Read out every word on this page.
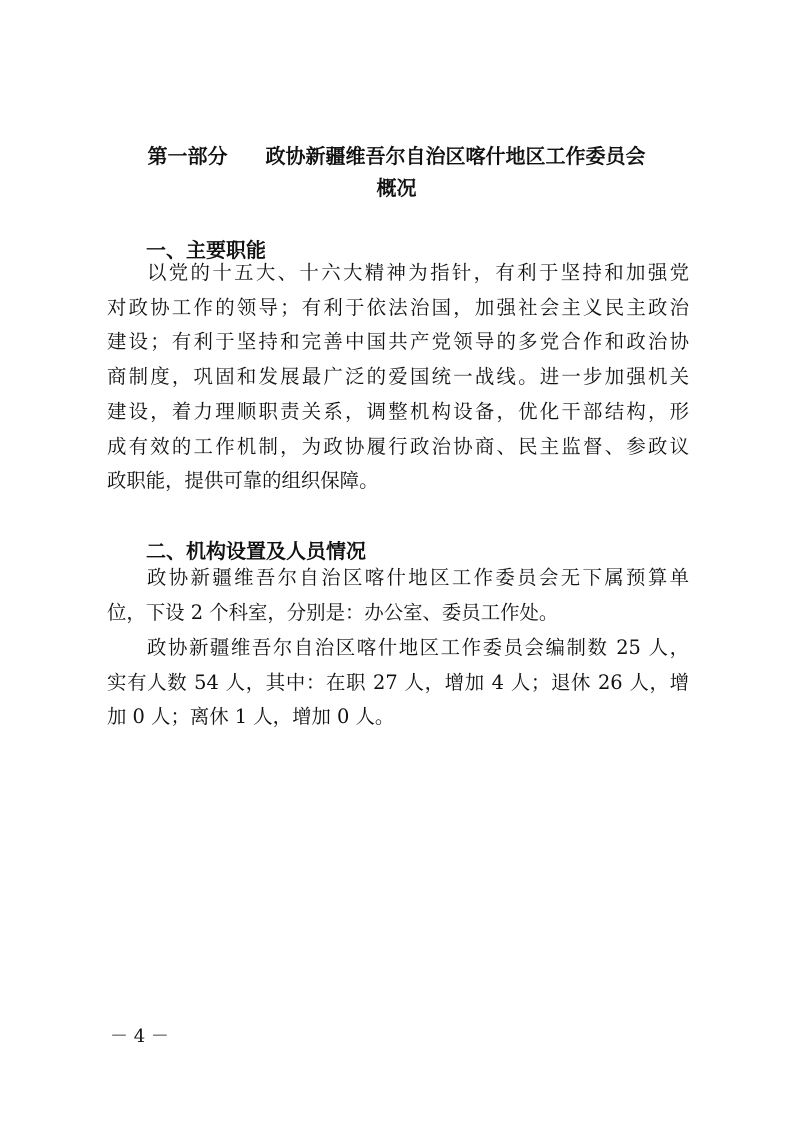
第一部分 政协新疆维吾尔自治区喀什地区工作委员会
概况
一、主要职能
以党的十五大、十六大精神为指针，有利于坚持和加强党
对政协工作的领导；有利于依法治国，加强社会主义民主政治
建设；有利于坚持和完善中国共产党领导的多党合作和政治协
商制度，巩固和发展最广泛的爱国统一战线。进一步加强机关
建设，着力理顺职责关系，调整机构设备，优化干部结构，形
成有效的工作机制，为政协履行政治协商、民主监督、参政议
政职能，提供可靠的组织保障。
二、机构设置及人员情况
政协新疆维吾尔自治区喀什地区工作委员会无下属预算单
位，下设 2 个科室，分别是：办公室、委员工作处。
政协新疆维吾尔自治区喀什地区工作委员会编制数 25 人，
实有人数 54 人，其中：在职 27 人，增加 4 人；退休 26 人，增
加 0 人；离休 1 人，增加 0 人。
－ 4 －
